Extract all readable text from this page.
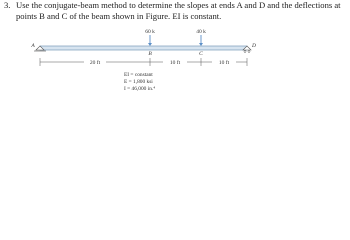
3. Use the conjugate-beam method to determine the slopes at ends A and D and the deflections at points B and C of the beam shown in Figure. EI is constant.
60 k	40 k
A
B	C
D
20 ft	10 ft	10 ft
EI = constant
E = 1,800 ksi
I = 46,000 in.⁴
